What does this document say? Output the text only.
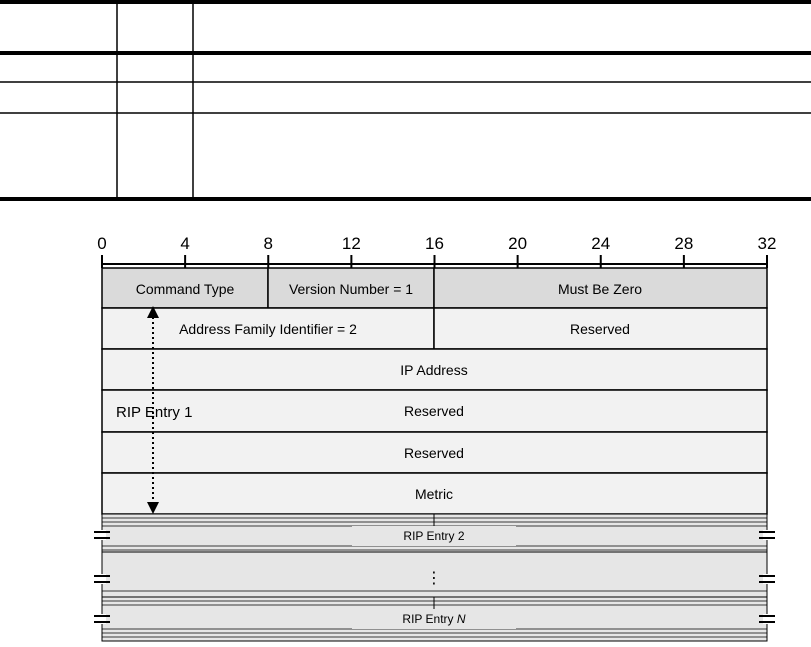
0	4	8	12	16	20	24	28	32
Command Type	Version Number = 1	Must Be Zero
Address Family Identifier = 2	Reserved
IP Address
Reserved
Reserved
Metric
RIP Entry 1
RIP Entry 2
⋮
RIP Entry N
